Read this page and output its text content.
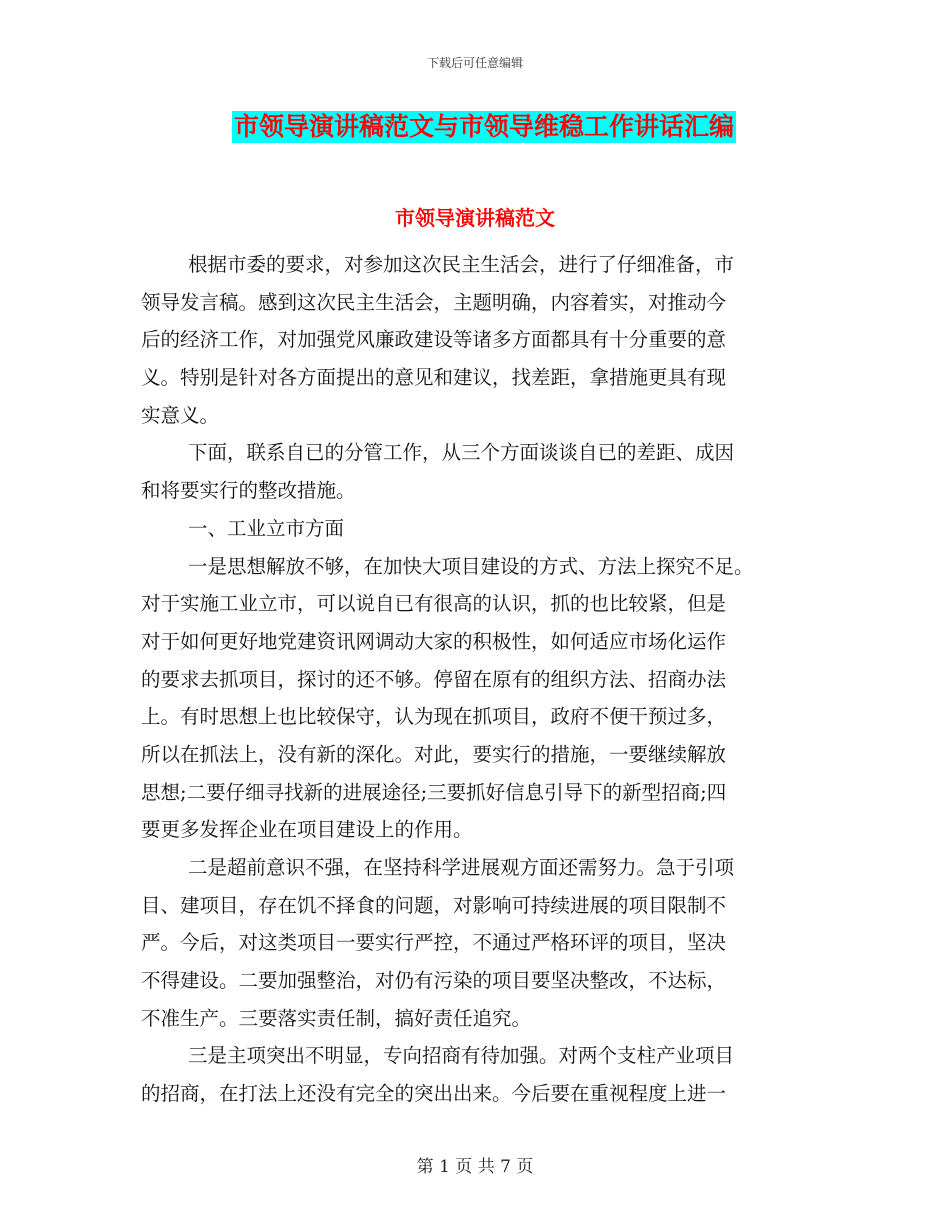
下载后可任意编辑
市领导演讲稿范文与市领导维稳工作讲话汇编
市领导演讲稿范文
根据市委的要求，对参加这次民主生活会，进行了仔细准备，市
领导发言稿。感到这次民主生活会，主题明确，内容着实，对推动今
后的经济工作，对加强党风廉政建设等诸多方面都具有十分重要的意
义。特别是针对各方面提出的意见和建议，找差距，拿措施更具有现
实意义。
下面，联系自已的分管工作，从三个方面谈谈自已的差距、成因
和将要实行的整改措施。
一、工业立市方面
一是思想解放不够，在加快大项目建设的方式、方法上探究不足。
对于实施工业立市，可以说自已有很高的认识，抓的也比较紧，但是
对于如何更好地党建资讯网调动大家的积极性，如何适应市场化运作
的要求去抓项目，探讨的还不够。停留在原有的组织方法、招商办法
上。有时思想上也比较保守，认为现在抓项目，政府不便干预过多，
所以在抓法上，没有新的深化。对此，要实行的措施，一要继续解放
思想;二要仔细寻找新的进展途径;三要抓好信息引导下的新型招商;四
要更多发挥企业在项目建设上的作用。
二是超前意识不强，在坚持科学进展观方面还需努力。急于引项
目、建项目，存在饥不择食的问题，对影响可持续进展的项目限制不
严。今后，对这类项目一要实行严控，不通过严格环评的项目，坚决
不得建设。二要加强整治，对仍有污染的项目要坚决整改，不达标，
不准生产。三要落实责任制，搞好责任追究。
三是主项突出不明显，专向招商有待加强。对两个支柱产业项目
的招商，在打法上还没有完全的突出出来。今后要在重视程度上进一
第 1 页 共 7 页
